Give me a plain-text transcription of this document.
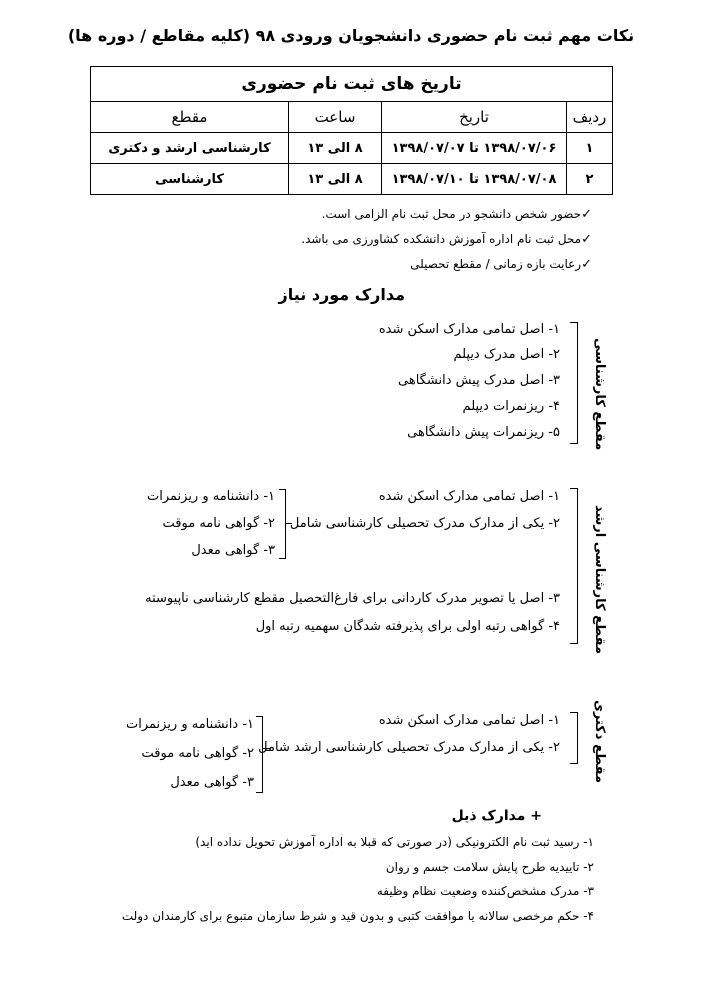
نکات مهم ثبت نام حضوری دانشجویان ورودی ۹۸ (کلیه مقاطع / دوره ها)
تاریخ های ثبت نام حضوری			
ردیف	تاریخ	ساعت	مقطع
۱	۱۳۹۸/۰۷/۰۶ تا ۱۳۹۸/۰۷/۰۷	۸ الی ۱۳	کارشناسی ارشد و دکتری
۲	۱۳۹۸/۰۷/۰۸ تا ۱۳۹۸/۰۷/۱۰	۸ الی ۱۳	کارشناسی
✓حضور شخص دانشجو در محل ثبت نام الزامی است.
✓محل ثبت نام اداره آموزش دانشکده کشاورزی می باشد.
✓رعایت بازه زمانی / مقطع تحصیلی
مدارک مورد نیاز
مقطع کارشناسی
۱- اصل تمامی مدارک اسکن شده
۲- اصل مدرک دیپلم
۳- اصل مدرک پیش دانشگاهی
۴- ریزنمرات دیپلم
۵- ریزنمرات پیش دانشگاهی
مقطع کارشناسی ارشد
۱- اصل تمامی مدارک اسکن شده
۲- یکی از مدارک مدرک تحصیلی کارشناسی شامل
۳- اصل یا تصویر مدرک کاردانی برای فارغ‌التحصیل مقطع کارشناسی ناپیوسته
۴- گواهی رتبه اولی برای پذیرفته شدگان سهمیه رتبه اول
۱- دانشنامه و ریزنمرات
۲- گواهی نامه موقت
۳- گواهی معدل
مقطع دکتری
۱- اصل تمامی مدارک اسکن شده
۲- یکی از مدارک مدرک تحصیلی کارشناسی ارشد شامل
۱- دانشنامه و ریزنمرات
۲- گواهی نامه موقت
۳- گواهی معدل
+ مدارک ذیل
۱- رسید ثبت نام الکترونیکی (در صورتی که قبلا به اداره آموزش تحویل نداده اید)
۲- تاییدیه طرح پایش سلامت جسم و روان
۳- مدرک مشخص‌کننده وضعیت نظام وظیفه
۴- حکم مرخصی سالانه یا موافقت کتبی و بدون قید و شرط سازمان متبوع برای کارمندان دولت
